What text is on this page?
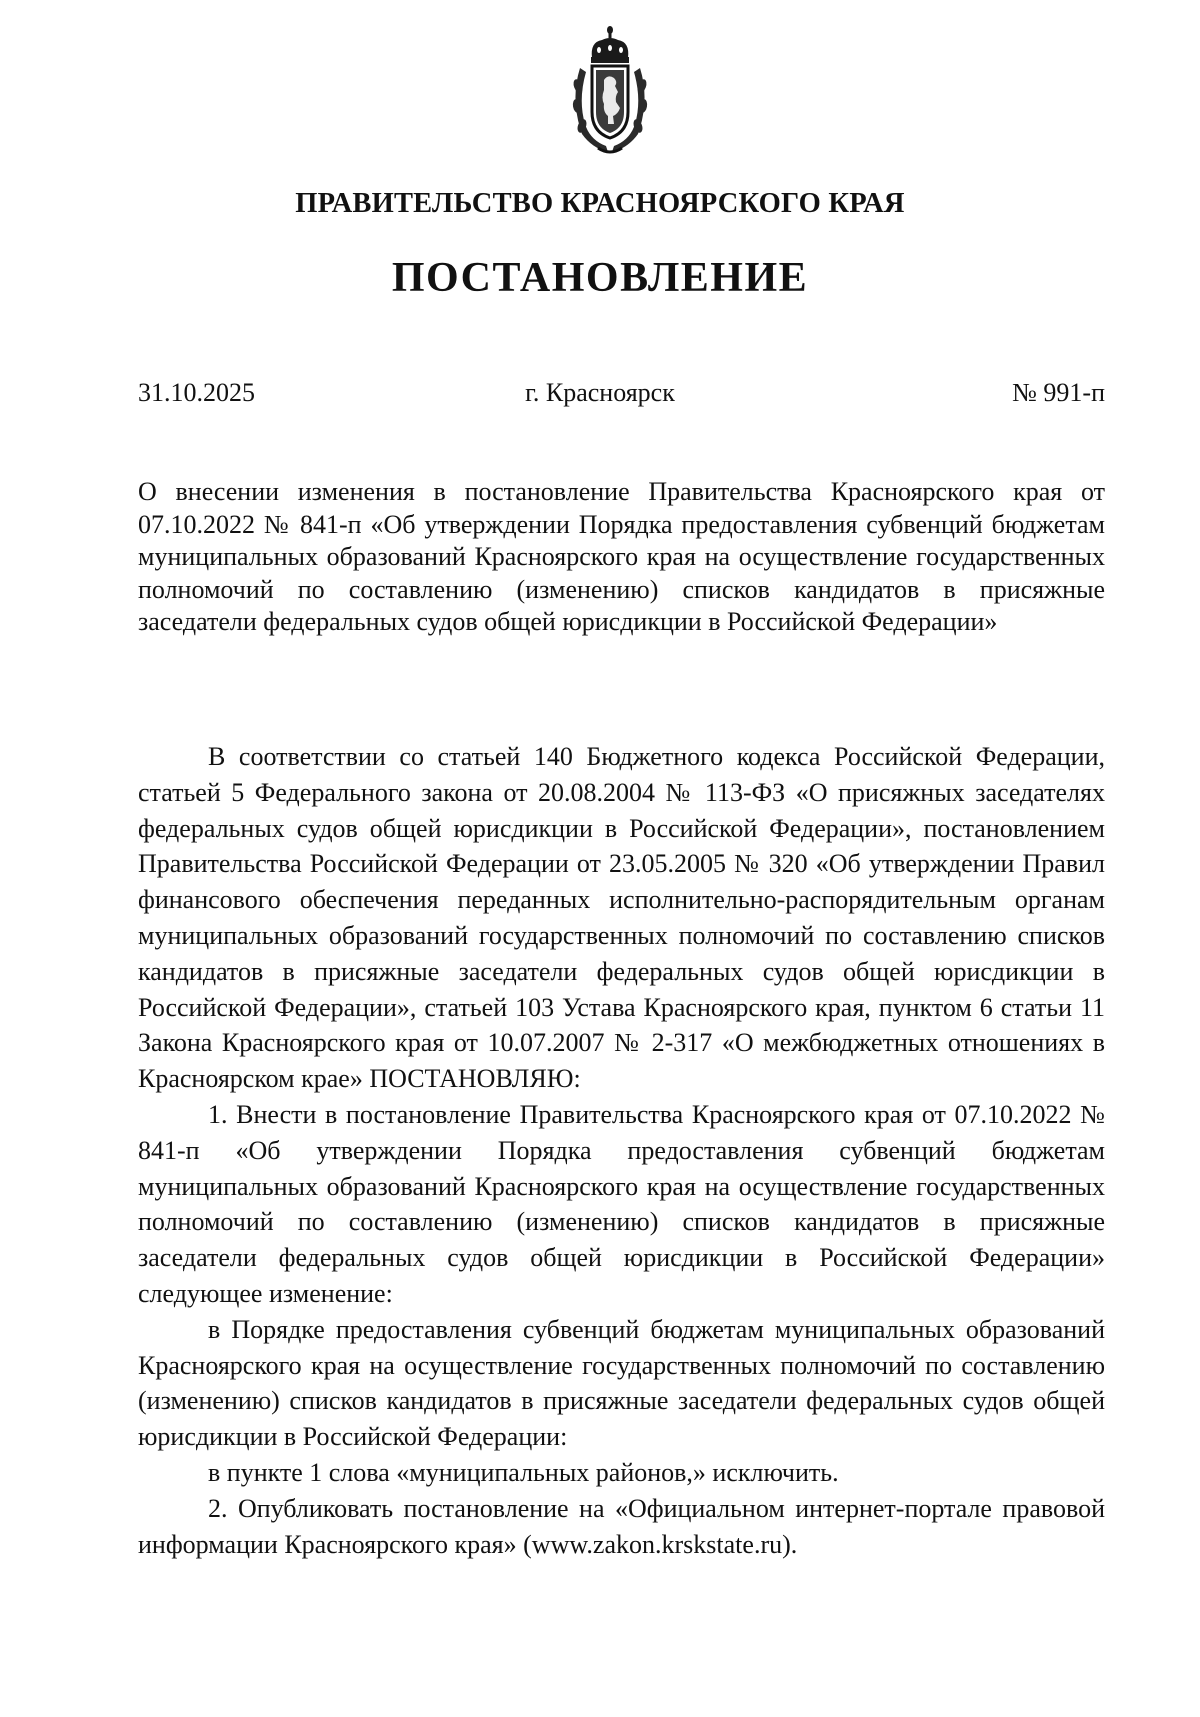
ПРАВИТЕЛЬСТВО КРАСНОЯРСКОГО КРАЯ
ПОСТАНОВЛЕНИЕ
31.10.2025	г. Красноярск	№ 991-п

О внесении изменения в постановление Правительства Красноярского края от 07.10.2022 № 841-п «Об утверждении Порядка предоставления субвенций бюджетам муниципальных образований Красноярского края на осуществление государственных полномочий по составлению (изменению) списков кандидатов в присяжные заседатели федеральных судов общей юрисдикции в Российской Федерации»

В соответствии со статьей 140 Бюджетного кодекса Российской Федерации, статьей 5 Федерального закона от 20.08.2004 № 113-ФЗ «О присяжных заседателях федеральных судов общей юрисдикции в Российской Федерации», постановлением Правительства Российской Федерации от 23.05.2005 № 320 «Об утверждении Правил финансового обеспечения переданных исполнительно-распорядительным органам муниципальных образований государственных полномочий по составлению списков кандидатов в присяжные заседатели федеральных судов общей юрисдикции в Российской Федерации», статьей 103 Устава Красноярского края, пунктом 6 статьи 11 Закона Красноярского края от 10.07.2007 № 2-317 «О межбюджетных отношениях в Красноярском крае» ПОСТАНОВЛЯЮ:

1. Внести в постановление Правительства Красноярского края от 07.10.2022 № 841-п «Об утверждении Порядка предоставления субвенций бюджетам муниципальных образований Красноярского края на осуществление государственных полномочий по составлению (изменению) списков кандидатов в присяжные заседатели федеральных судов общей юрисдикции в Российской Федерации» следующее изменение:

в Порядке предоставления субвенций бюджетам муниципальных образований Красноярского края на осуществление государственных полномочий по составлению (изменению) списков кандидатов в присяжные заседатели федеральных судов общей юрисдикции в Российской Федерации:

в пункте 1 слова «муниципальных районов,» исключить.

2. Опубликовать постановление на «Официальном интернет-портале правовой информации Красноярского края» (www.zakon.krskstate.ru).
